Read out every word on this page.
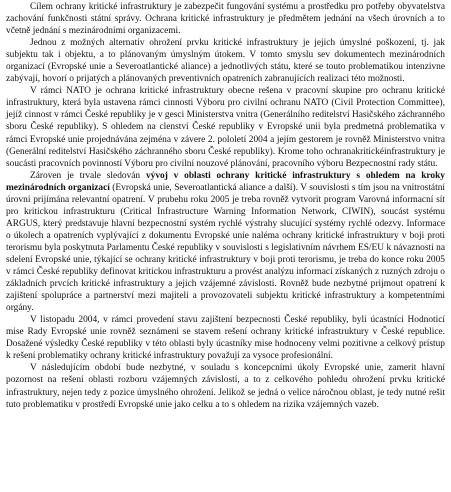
Cílem ochrany kritické infrastruktury je zabezpečit fungování systému a prostředku pro potřeby obyvatelstva zachování funkčnosti státní správy. Ochrana kritické infrastruktury je předmětem jednání na všech úrovních a to včetně jednání s mezinárodními organizacemi.

Jednou z možných alternativ ohrožení prvku kritické infrastruktury je jejich úmyslné poškození, tj. jak subjektu tak i objektu, a to plánovaným úmyslným útokem. V tomto smyslu sev dokumentech mezinárodních organizací (Evropské unie a Severoatlantické aliance) a jednotlivých státu, které se touto problematikou intenzivne zabývají, hovorí o prijatých a plánovaných preventivních opatreních zabranujících realizaci této možnosti.

V rámci NATO je ochrana kritické infrastruktury obecne rešena v pracovní skupine pro ochranu kritické infrastruktury, která byla ustavena rámci cinnosti Výboru pro civilní ochranu NATO (Civil Protection Committee), jejíž cinnost v rámci České republiky je v gesci Ministerstva vnitra (Generálního reditelství Hasičského záchranného sboru České republiky). S ohledem na clenství České republiky v Evropské unii byla predmetná problematika v rámci Evropské unie projednávána zejména v závere 2. pololetí 2004 a jejím gestorem je rovněž Ministerstvo vnitra (Generální reditelství Hasičského záchranného sboru České republiky). Krome toho ochranakritickéinfrastruktury je soucásti pracovních povinností Výboru pro civilní nouzové plánování, pracovního výboru Bezpecnostní rady státu.

Zároven je trvale sledován vývoj v oblasti ochrany kritické infrastruktury s ohledem na kroky mezinárodních organizací (Evropská unie, Severoatlantická aliance a další). V souvislosti s tím jsou na vnitrostátní úrovni prijímána relevantní opatrení. V prubehu roku 2005 je treba rovněž vytvorit program Varovná informacní sít pro kritickou infrastrukturu (Critical Infrastructure Warning Information Network, CIWIN), soucást systému ARGUS, který predstavuje hlavní bezpecnostní systém rychlé výstrahy slucující systémy rychlé odezvy. Informace o úkolech a opatreních vyplývající z dokumentu Evropské unie naléma ochrany kritické infrastruktury v boji proti terorismu byla poskytnuta Parlamentu České republiky v souvislosti s legislativním návrhem ES/EU k návaznosti na sdelení Evropské unie, týkající se ochrany kritické infrastruktury v boji proti terorismu, je treba do konce roku 2005 v rámci České republiky definovat kritickou infrastrukturu a provést analýzu informací získaných z ruzných zdroju o základních prvcích kritické infrastruktury a jejich vzájemné závislosti. Rovněž bude nezbytné prijmout opatrení k zajištení spolupráce a partnerství mezi majiteli a provozovateli subjektu kritické infrastruktury a kompetentními orgány.

V listopadu 2004, v rámci provedení stavu zajištení bezpecnosti České republiky, byli úcastníci Hodnoticí mise Rady Evropské unie rovněž seznámeni se stavem rešení ochrany kritické infrastruktury v České republice. Dosažené výsledky České republiky v této oblasti byly úcastníky mise hodnoceny velmi pozitivne a celkový prístup k rešení problematiky ochrany kritické infrastruktury považují za vysoce profesionální.

V následujícím období bude nezbytné, v souladu s koncepcními úkoly Evropské unie, zamerit hlavní pozornost na rešení oblasti rozboru vzájemných závislostí, a to z celkového pohledu ohrožení prvku kritické infrastruktury, nejen tedy z pozice úmyslného ohrožení. Jelikož se jedná o velice náročnou oblast, je tedy nutné rešit tuto problematiku v prostředí Evropské unie jako celku a to s ohledem na rizika vzájemných vazeb.
